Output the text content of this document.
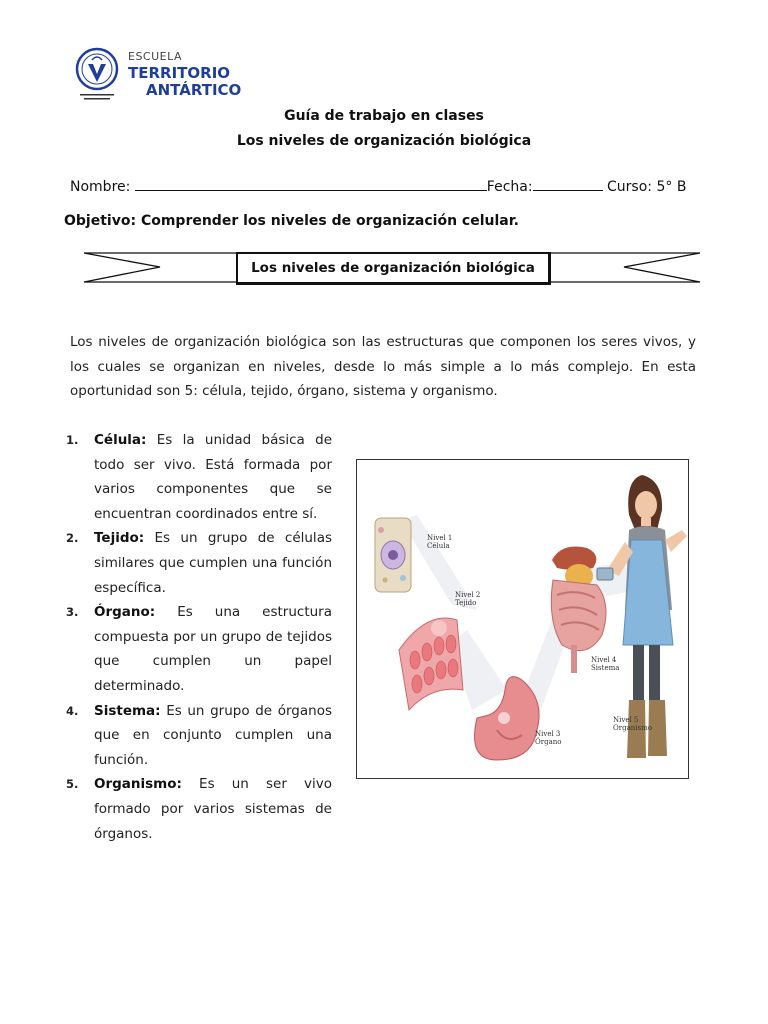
ESCUELA
TERRITORIO
ANTÁRTICO
Guía de trabajo en clases
Los niveles de organización biológica
Nombre:	Fecha:	Curso: 5° B
Objetivo: Comprender los niveles de organización celular.
Los niveles de organización biológica

Los niveles de organización biológica son las estructuras que componen los seres vivos, y los cuales se organizan en niveles, desde lo más simple a lo más complejo. En esta oportunidad son 5: célula, tejido, órgano, sistema y organismo.

1. Célula: Es la unidad básica de todo ser vivo. Está formada por varios componentes que se encuentran coordinados entre sí.
2. Tejido: Es un grupo de células similares que cumplen una función específica.
3. Órgano: Es una estructura compuesta por un grupo de tejidos que cumplen un papel determinado.
4. Sistema: Es un grupo de órganos que en conjunto cumplen una función.
5. Organismo: Es un ser vivo formado por varios sistemas de órganos.
Nivel 1
Célula
Nivel 2
Tejido
Nivel 3
Órgano
Nivel 4
Sistema
Nivel 5
Organismo
